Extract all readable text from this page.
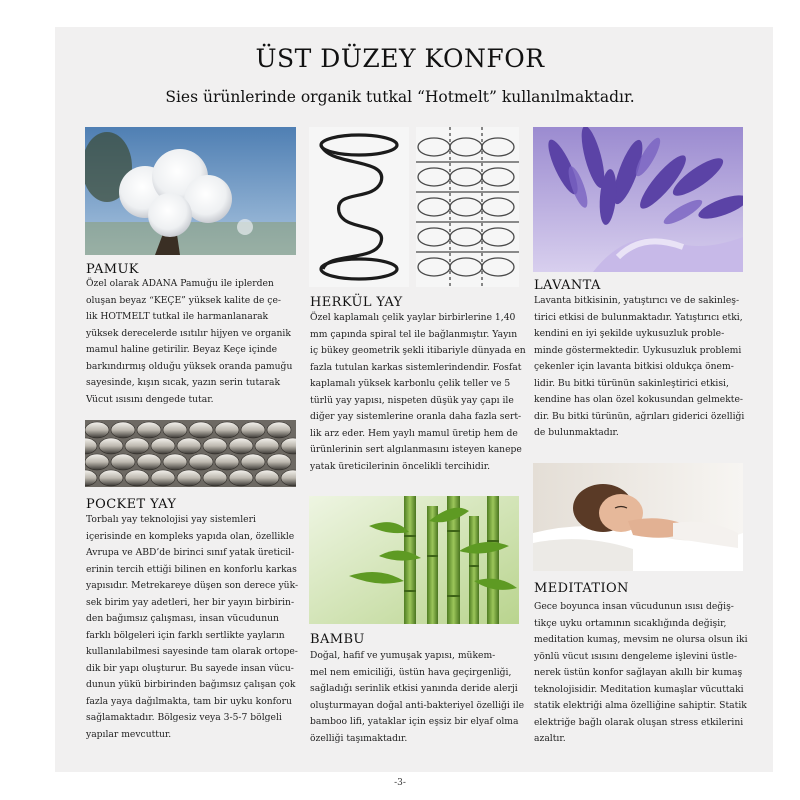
ÜST DÜZEY KONFOR
Sies ürünlerinde organik tutkal “Hotmelt” kullanılmaktadır.
PAMUK
Özel olarak ADANA Pamuğu ile iplerden
oluşan beyaz “KEÇE” yüksek kalite de çe-
lik HOTMELT tutkal ile harmanlanarak
yüksek derecelerde ısıtılır hijyen ve organik
mamul haline getirilir. Beyaz Keçe içinde
barkındırmış olduğu yüksek oranda pamuğu
sayesinde, kışın sıcak, yazın serin tutarak
Vücut ısısını dengede tutar.
POCKET YAY
Torbalı yay teknolojisi yay sistemleri
içerisinde en kompleks yapıda olan, özellikle
Avrupa ve ABD’de birinci sınıf yatak üreticil-
erinin tercih ettiği bilinen en konforlu karkas
yapısıdır. Metrekareye düşen son derece yük-
sek birim yay adetleri, her bir yayın birbirin-
den bağımsız çalışması, insan vücudunun
farklı bölgeleri için farklı sertlikte yayların
kullanılabilmesi sayesinde tam olarak ortope-
dik bir yapı oluşturur. Bu sayede insan vücu-
dunun yükü birbirinden bağımsız çalışan çok
fazla yaya dağılmakta, tam bir uyku konforu
sağlamaktadır. Bölgesiz veya 3-5-7 bölgeli
yapılar mevcuttur.
HERKÜL YAY
Özel kaplamalı çelik yaylar birbirlerine 1,40
mm çapında spiral tel ile bağlanmıştır. Yayın
iç bükey geometrik şekli itibariyle dünyada en
fazla tutulan karkas sistemlerindendir. Fosfat
kaplamalı yüksek karbonlu çelik teller ve 5
türlü yay yapısı, nispeten düşük yay çapı ile
diğer yay sistemlerine oranla daha fazla sert-
lik arz eder. Hem yaylı mamul üretip hem de
ürünlerinin sert algılanmasını isteyen kanepe
yatak üreticilerinin öncelikli tercihidir.
BAMBU
Doğal, hafif ve yumuşak yapısı, mükem-
mel nem emiciliği, üstün hava geçirgenliği,
sağladığı serinlik etkisi yanında deride alerji
oluşturmayan doğal anti-bakteriyel özelliği ile
bamboo lifi, yataklar için eşsiz bir elyaf olma
özelliği taşımaktadır.
LAVANTA
Lavanta bitkisinin, yatıştırıcı ve de sakinleş-
tirici etkisi de bulunmaktadır. Yatıştırıcı etki,
kendini en iyi şekilde uykusuzluk proble-
minde göstermektedir. Uykusuzluk problemi
çekenler için lavanta bitkisi oldukça önem-
lidir. Bu bitki türünün sakinleştirici etkisi,
kendine has olan özel kokusundan gelmekte-
dir. Bu bitki türünün, ağrıları giderici özelliği
de bulunmaktadır.
MEDITATION
Gece boyunca insan vücudunun ısısı değiş-
tikçe uyku ortamının sıcaklığında değişir,
meditation kumaş, mevsim ne olursa olsun iki
yönlü vücut ısısını dengeleme işlevini üstle-
nerek üstün konfor sağlayan akıllı bir kumaş
teknolojisidir. Meditation kumaşlar vücuttaki
statik elektriği alma özelliğine sahiptir. Statik
elektriğe bağlı olarak oluşan stress etkilerini
azaltır.
-3-
